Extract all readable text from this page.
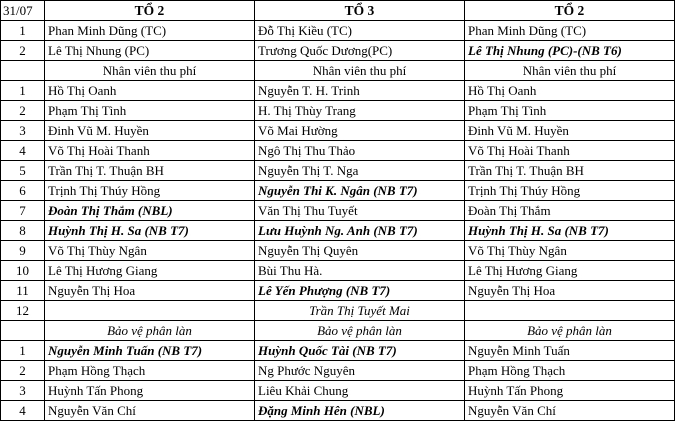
31/07	TỔ 2	TỔ 3	TỔ 2
1	Phan Minh Dũng (TC)	Đỗ Thị Kiều (TC)	Phan Minh Dũng (TC)
2	Lê Thị Nhung (PC)	Trương Quốc Dương(PC)	Lê Thị Nhung (PC)-(NB T6)
	Nhân viên thu phí	Nhân viên thu phí	Nhân viên thu phí
1	Hồ Thị Oanh	Nguyễn T. H. Trinh	Hồ Thị Oanh
2	Phạm Thị Tình	H. Thị Thùy Trang	Phạm Thị Tình
3	Đinh Vũ M. Huyền	Võ Mai Hường	Đinh Vũ M. Huyền
4	Võ Thị Hoài Thanh	Ngô Thị Thu Thảo	Võ Thị Hoài Thanh
5	Trần Thị T. Thuận BH	Nguyễn Thị T. Nga	Trần Thị T. Thuận BH
6	Trịnh Thị Thúy Hồng	Nguyễn Thi K. Ngân (NB T7)	Trịnh Thị Thúy Hồng
7	Đoàn Thị Thắm (NBL)	Văn Thị Thu Tuyết	Đoàn Thị Thắm
8	Huỳnh Thị H. Sa (NB T7)	Lưu Huỳnh Ng. Anh (NB T7)	Huỳnh Thị H. Sa (NB T7)
9	Võ Thị Thùy Ngân	Nguyễn Thị Quyên	Võ Thị Thùy Ngân
10	Lê Thị Hương Giang	Bùi Thu Hà.	Lê Thị Hương Giang
11	Nguyễn Thị Hoa	Lê Yến Phượng (NB T7)	Nguyễn Thị Hoa
12		Trần Thị Tuyết Mai	
	Bảo vệ phân làn	Bảo vệ phân làn	Bảo vệ phân làn
1	Nguyễn Minh Tuấn (NB T7)	Huỳnh Quốc Tài (NB T7)	Nguyễn Minh Tuấn
2	Phạm Hồng Thạch	Ng Phước Nguyên	Phạm Hồng Thạch
3	Huỳnh Tấn Phong	Liêu Khải Chung	Huỳnh Tấn Phong
4	Nguyễn Văn Chí	Đặng Minh Hên (NBL)	Nguyễn Văn Chí
